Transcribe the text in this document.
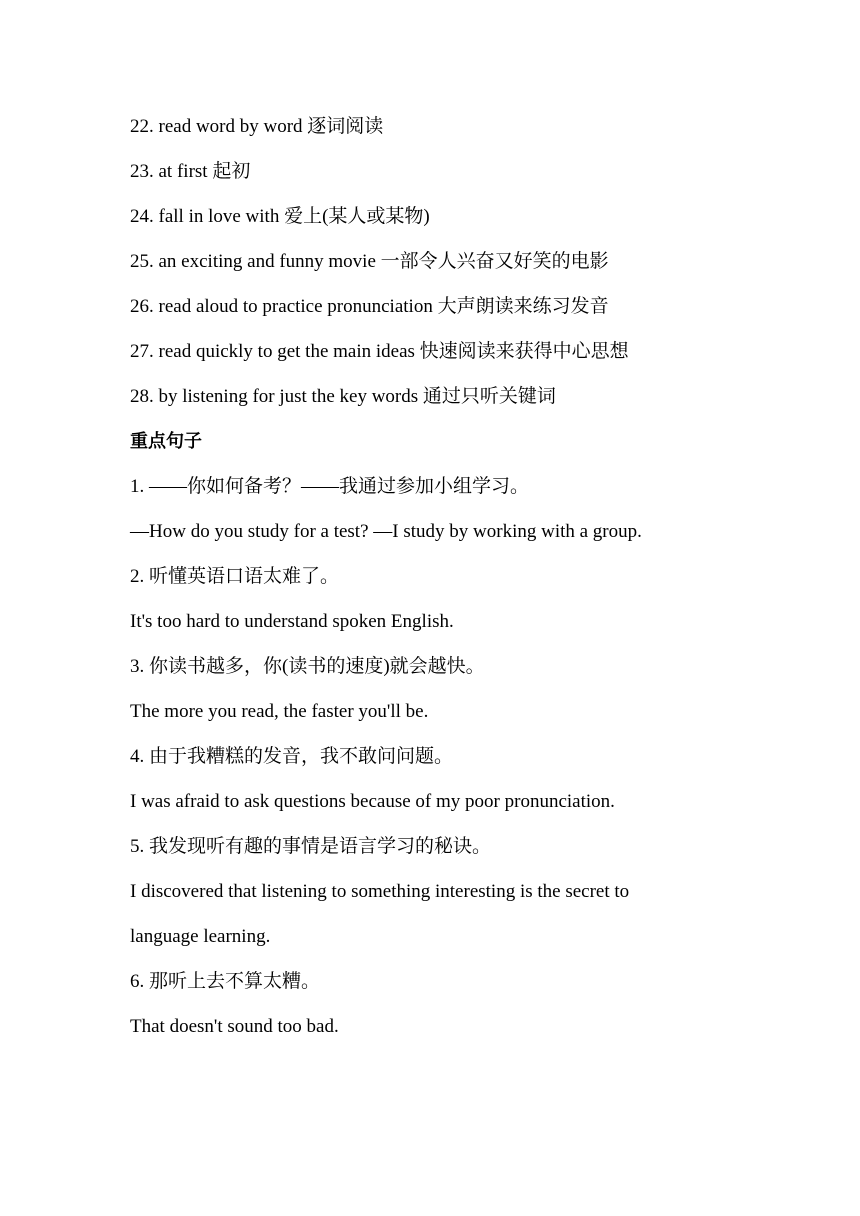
22. read word by word 逐词阅读
23. at first 起初
24. fall in love with 爱上(某人或某物)
25. an exciting and funny movie 一部令人兴奋又好笑的电影
26. read aloud to practice pronunciation 大声朗读来练习发音
27. read quickly to get the main ideas 快速阅读来获得中心思想
28. by listening for just the key words 通过只听关键词
重点句子
1. ——你如何备考？——我通过参加小组学习。
—How do you study for a test? —I study by working with a group.
2. 听懂英语口语太难了。
It's too hard to understand spoken English.
3. 你读书越多，你(读书的速度)就会越快。
The more you read, the faster you'll be.
4. 由于我糟糕的发音，我不敢问问题。
I was afraid to ask questions because of my poor pronunciation.
5. 我发现听有趣的事情是语言学习的秘诀。
I discovered that listening to something interesting is the secret to
language learning.
6. 那听上去不算太糟。
That doesn't sound too bad.
